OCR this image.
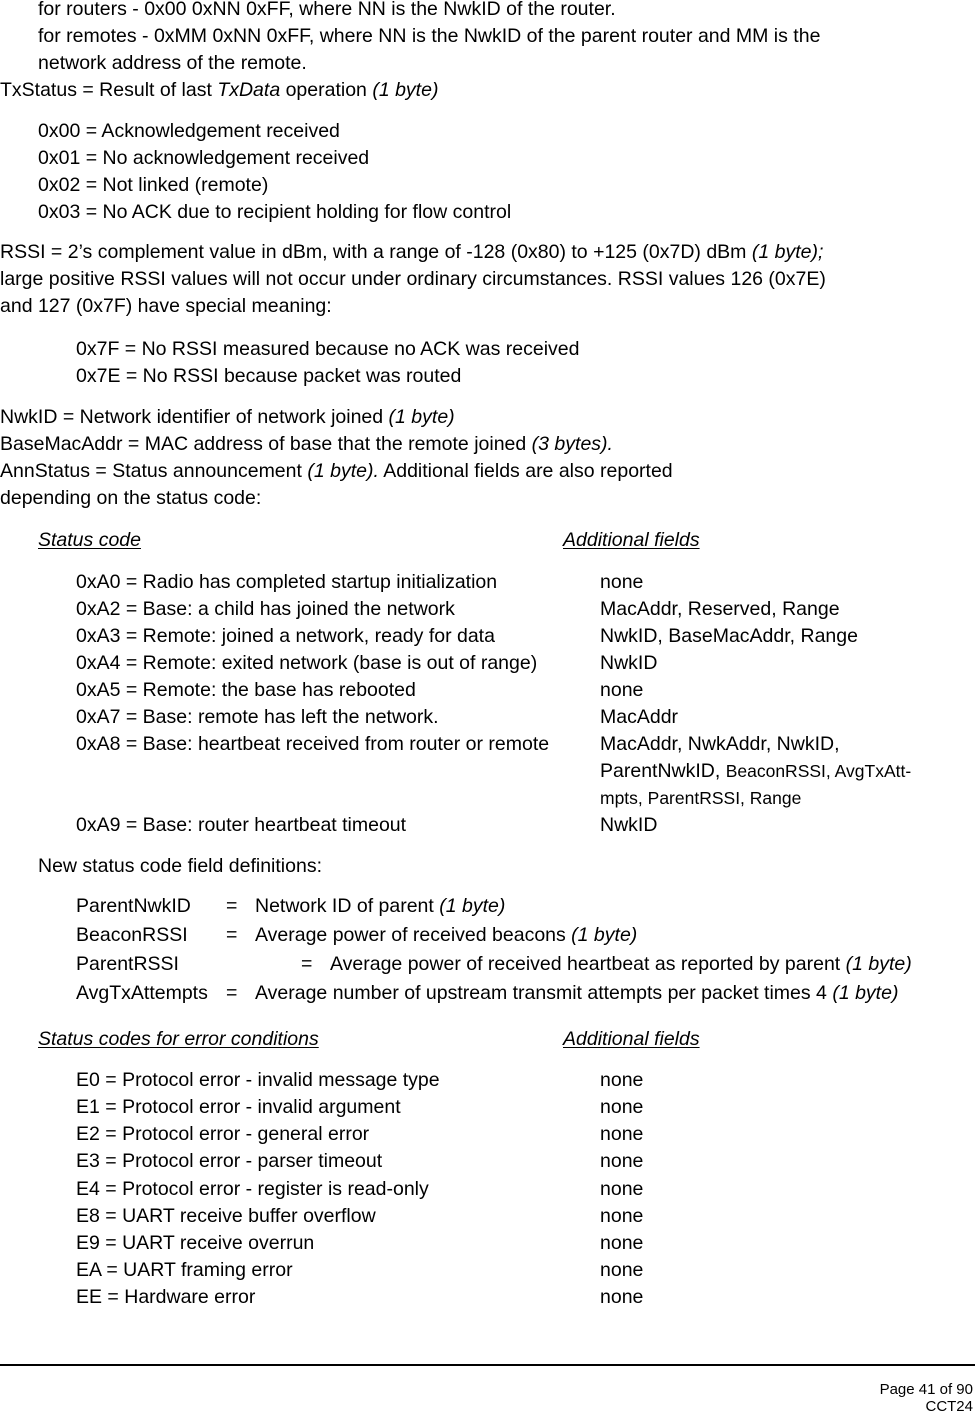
for routers - 0x00 0xNN 0xFF, where NN is the NwkID of the router.
for remotes - 0xMM 0xNN 0xFF, where NN is the NwkID of the parent router and MM is the
network address of the remote.
TxStatus = Result of last TxData operation (1 byte)
0x00 = Acknowledgement received
0x01 = No acknowledgement received
0x02 = Not linked (remote)
0x03 = No ACK due to recipient holding for flow control
RSSI = 2’s complement value in dBm, with a range of -128 (0x80) to +125 (0x7D) dBm (1 byte);
large positive RSSI values will not occur under ordinary circumstances. RSSI values 126 (0x7E)
and 127 (0x7F) have special meaning:
0x7F = No RSSI measured because no ACK was received
0x7E = No RSSI because packet was routed
NwkID = Network identifier of network joined (1 byte)
BaseMacAddr = MAC address of base that the remote joined (3 bytes).
AnnStatus = Status announcement (1 byte). Additional fields are also reported
depending on the status code:
Status code	Additional fields
0xA0 = Radio has completed startup initialization	none
0xA2 = Base: a child has joined the network	MacAddr, Reserved, Range
0xA3 = Remote: joined a network, ready for data	NwkID, BaseMacAddr, Range
0xA4 = Remote: exited network (base is out of range)	NwkID
0xA5 = Remote: the base has rebooted	none
0xA7 = Base: remote has left the network.	MacAddr
0xA8 = Base: heartbeat received from router or remote	MacAddr, NwkAddr, NwkID,
ParentNwkID, BeaconRSSI, AvgTxAtt-
mpts, ParentRSSI, Range
0xA9 = Base: router heartbeat timeout	NwkID
New status code field definitions:
ParentNwkID = Network ID of parent (1 byte)
BeaconRSSI = Average power of received beacons (1 byte)
ParentRSSI	= Average power of received heartbeat as reported by parent (1 byte)
AvgTxAttempts = Average number of upstream transmit attempts per packet times 4 (1 byte)
Status codes for error conditions	Additional fields
E0 = Protocol error - invalid message type	none
E1 = Protocol error - invalid argument	none
E2 = Protocol error - general error	none
E3 = Protocol error - parser timeout	none
E4 = Protocol error - register is read-only	none
E8 = UART receive buffer overflow	none
E9 = UART receive overrun	none
EA = UART framing error	none
EE = Hardware error	none
Page 41 of 90
CCT24
